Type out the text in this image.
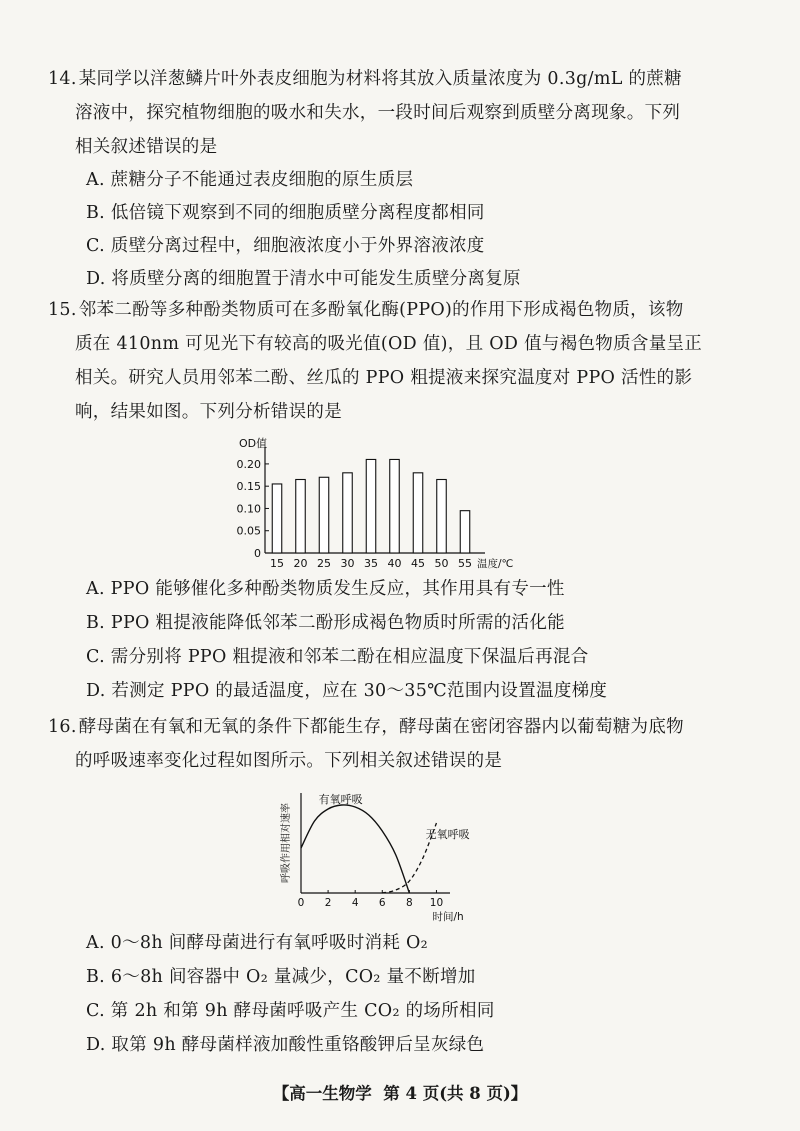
14. 某同学以洋葱鳞片叶外表皮细胞为材料将其放入质量浓度为 0.3g/mL 的蔗糖
溶液中，探究植物细胞的吸水和失水，一段时间后观察到质壁分离现象。下列
相关叙述错误的是
A. 蔗糖分子不能通过表皮细胞的原生质层
B. 低倍镜下观察到不同的细胞质壁分离程度都相同
C. 质壁分离过程中，细胞液浓度小于外界溶液浓度
D. 将质壁分离的细胞置于清水中可能发生质壁分离复原
15. 邻苯二酚等多种酚类物质可在多酚氧化酶(PPO)的作用下形成褐色物质，该物
质在 410nm 可见光下有较高的吸光值(OD 值)，且 OD 值与褐色物质含量呈正
相关。研究人员用邻苯二酚、丝瓜的 PPO 粗提液来探究温度对 PPO 活性的影
响，结果如图。下列分析错误的是
OD值
0
0.05
0.10
0.15
0.20
15 20 25 30 35 40 45 50 55 温度/℃
A. PPO 能够催化多种酚类物质发生反应，其作用具有专一性
B. PPO 粗提液能降低邻苯二酚形成褐色物质时所需的活化能
C. 需分别将 PPO 粗提液和邻苯二酚在相应温度下保温后再混合
D. 若测定 PPO 的最适温度，应在 30～35℃范围内设置温度梯度
16. 酵母菌在有氧和无氧的条件下都能生存，酵母菌在密闭容器内以葡萄糖为底物
的呼吸速率变化过程如图所示。下列相关叙述错误的是
呼吸作用相对速率
0 2 4 6 8 10
时间/h
有氧呼吸
无氧呼吸
A. 0～8h 间酵母菌进行有氧呼吸时消耗 O₂
B. 6～8h 间容器中 O₂ 量减少，CO₂ 量不断增加
C. 第 2h 和第 9h 酵母菌呼吸产生 CO₂ 的场所相同
D. 取第 9h 酵母菌样液加酸性重铬酸钾后呈灰绿色
【高一生物学 第 4 页(共 8 页)】
